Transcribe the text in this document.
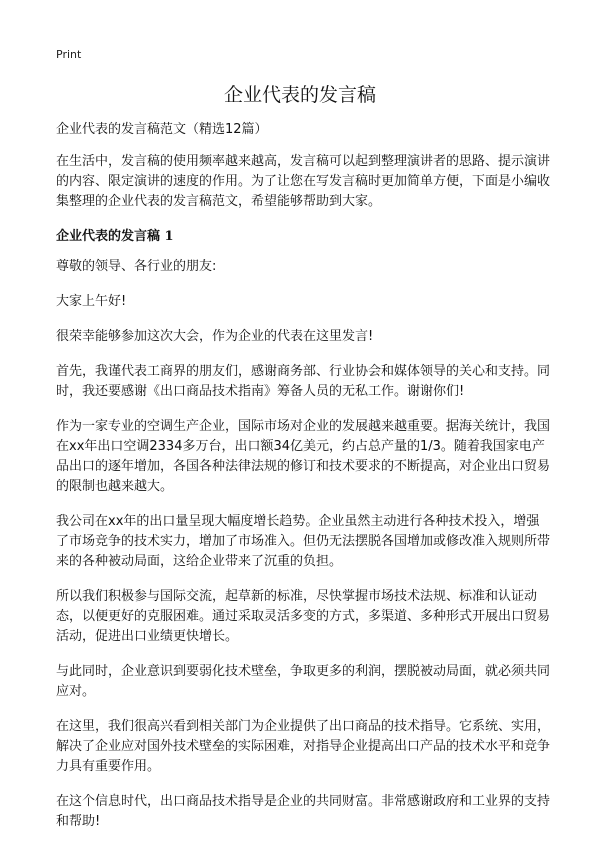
Print
企业代表的发言稿

企业代表的发言稿范文（精选12篇）

在生活中，发言稿的使用频率越来越高，发言稿可以起到整理演讲者的思路、提示演讲的内容、限定演讲的速度的作用。为了让您在写发言稿时更加简单方便，下面是小编收集整理的企业代表的发言稿范文，希望能够帮助到大家。

企业代表的发言稿 1

尊敬的领导、各行业的朋友:

大家上午好!

很荣幸能够参加这次大会，作为企业的代表在这里发言!

首先，我谨代表工商界的朋友们，感谢商务部、行业协会和媒体领导的关心和支持。同时，我还要感谢《出口商品技术指南》筹备人员的无私工作。谢谢你们!

作为一家专业的空调生产企业，国际市场对企业的发展越来越重要。据海关统计，我国在xx年出口空调2334多万台，出口额34亿美元，约占总产量的1/3。随着我国家电产品出口的逐年增加，各国各种法律法规的修订和技术要求的不断提高，对企业出口贸易的限制也越来越大。

我公司在xx年的出口量呈现大幅度增长趋势。企业虽然主动进行各种技术投入，增强了市场竞争的技术实力，增加了市场准入。但仍无法摆脱各国增加或修改准入规则所带来的各种被动局面，这给企业带来了沉重的负担。

所以我们积极参与国际交流，起草新的标准，尽快掌握市场技术法规、标准和认证动态，以便更好的克服困难。通过采取灵活多变的方式，多渠道、多种形式开展出口贸易活动，促进出口业绩更快增长。

与此同时，企业意识到要弱化技术壁垒，争取更多的利润，摆脱被动局面，就必须共同应对。

在这里，我们很高兴看到相关部门为企业提供了出口商品的技术指导。它系统、实用，解决了企业应对国外技术壁垒的实际困难，对指导企业提高出口产品的技术水平和竞争力具有重要作用。

在这个信息时代，出口商品技术指导是企业的共同财富。非常感谢政府和工业界的支持和帮助!
